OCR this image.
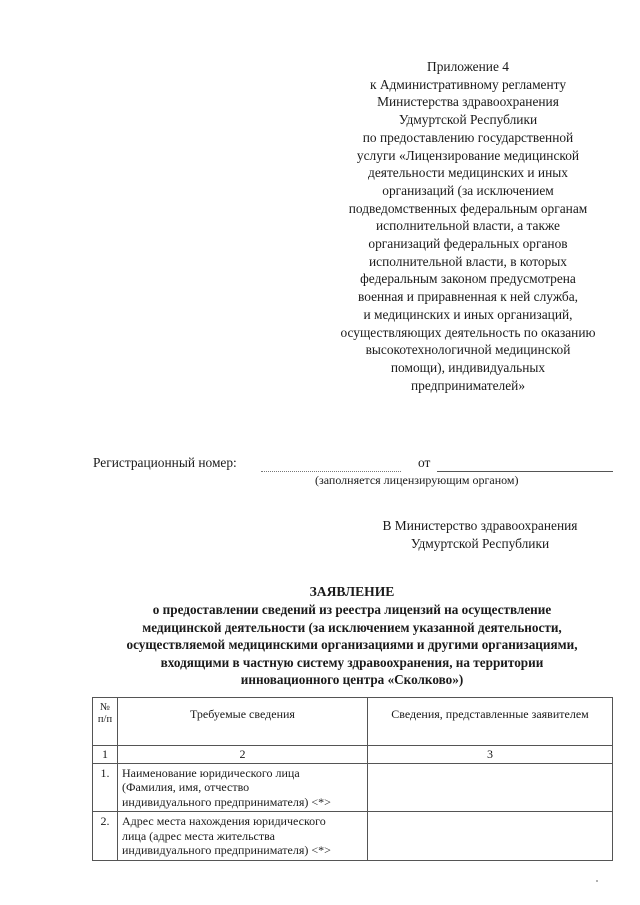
Приложение 4
к Административному регламенту
Министерства здравоохранения
Удмуртской Республики
по предоставлению государственной
услуги «Лицензирование медицинской
деятельности медицинских и иных
организаций (за исключением
подведомственных федеральным органам
исполнительной власти, а также
организаций федеральных органов
исполнительной власти, в которых
федеральным законом предусмотрена
военная и приравненная к ней служба,
и медицинских и иных организаций,
осуществляющих деятельность по оказанию
высокотехнологичной медицинской
помощи), индивидуальных
предпринимателей»
Регистрационный номер:	от
(заполняется лицензирующим органом)
В Министерство здравоохранения
Удмуртской Республики
ЗАЯВЛЕНИЕ
о предоставлении сведений из реестра лицензий на осуществление
медицинской деятельности (за исключением указанной деятельности,
осуществляемой медицинскими организациями и другими организациями,
входящими в частную систему здравоохранения, на территории
инновационного центра «Сколково»)
№
п/п	Требуемые сведения	Сведения, представленные заявителем
1	2	3
1.	Наименование юридического лица
(Фамилия, имя, отчество
индивидуального предпринимателя) <*>	

2.	Адрес места нахождения юридического
лица (адрес места жительства
индивидуального предпринимателя) <*>	
